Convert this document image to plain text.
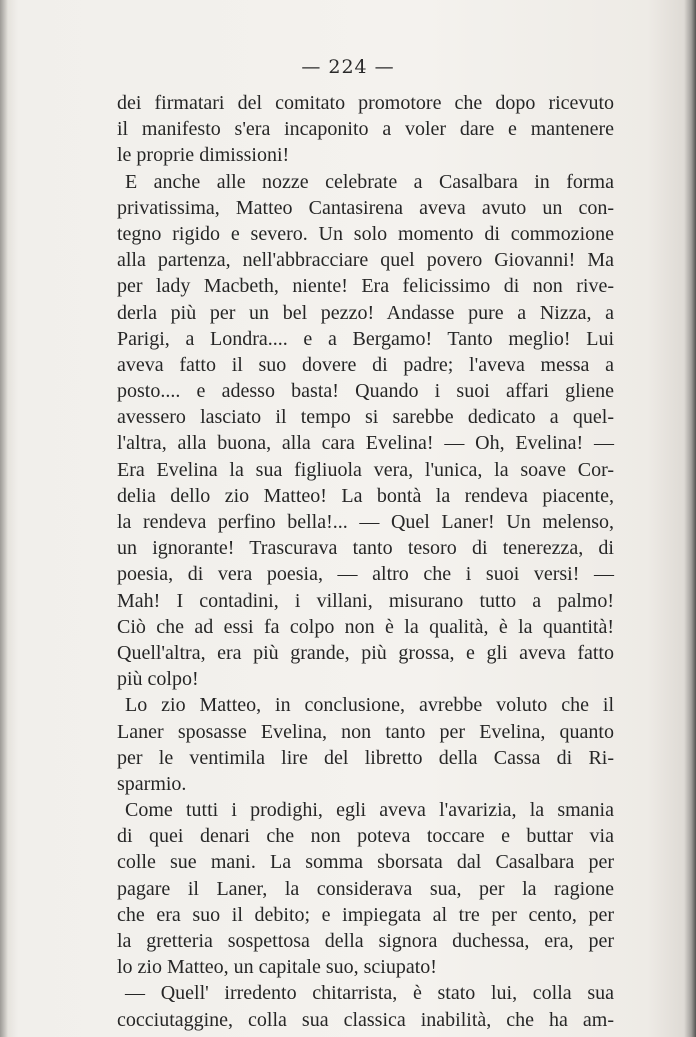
— 224 —
dei firmatari del comitato promotore che dopo ricevuto
il manifesto s'era incaponito a voler dare e mantenere
le proprie dimissioni!
E anche alle nozze celebrate a Casalbara in forma
privatissima, Matteo Cantasirena aveva avuto un con-
tegno rigido e severo. Un solo momento di commozione
alla partenza, nell'abbracciare quel povero Giovanni! Ma
per lady Macbeth, niente! Era felicissimo di non rive-
derla più per un bel pezzo! Andasse pure a Nizza, a
Parigi, a Londra.... e a Bergamo! Tanto meglio! Lui
aveva fatto il suo dovere di padre; l'aveva messa a
posto.... e adesso basta! Quando i suoi affari gliene
avessero lasciato il tempo si sarebbe dedicato a quel-
l'altra, alla buona, alla cara Evelina! — Oh, Evelina! —
Era Evelina la sua figliuola vera, l'unica, la soave Cor-
delia dello zio Matteo! La bontà la rendeva piacente,
la rendeva perfino bella!... — Quel Laner! Un melenso,
un ignorante! Trascurava tanto tesoro di tenerezza, di
poesia, di vera poesia, — altro che i suoi versi! —
Mah! I contadini, i villani, misurano tutto a palmo!
Ciò che ad essi fa colpo non è la qualità, è la quantità!
Quell'altra, era più grande, più grossa, e gli aveva fatto
più colpo!
Lo zio Matteo, in conclusione, avrebbe voluto che il
Laner sposasse Evelina, non tanto per Evelina, quanto
per le ventimila lire del libretto della Cassa di Ri-
sparmio.
Come tutti i prodighi, egli aveva l'avarizia, la smania
di quei denari che non poteva toccare e buttar via
colle sue mani. La somma sborsata dal Casalbara per
pagare il Laner, la considerava sua, per la ragione
che era suo il debito; e impiegata al tre per cento, per
la gretteria sospettosa della signora duchessa, era, per
lo zio Matteo, un capitale suo, sciupato!
— Quell' irredento chitarrista, è stato lui, colla sua
cocciutaggine, colla sua classica inabilità, che ha am-
